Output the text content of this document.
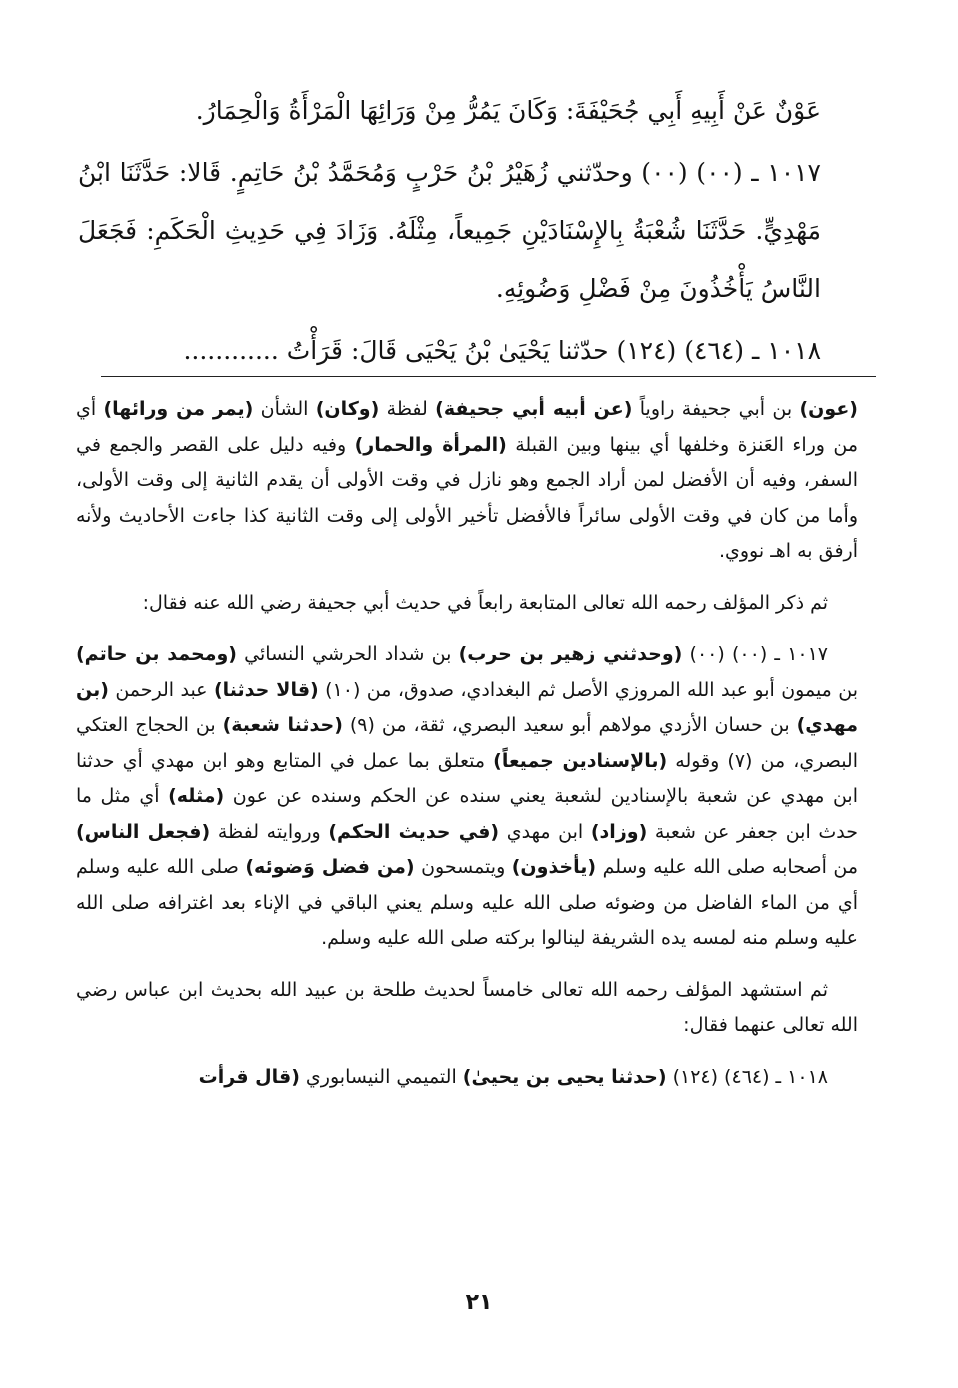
عَوْنٌ عَنْ أَبِيهِ أَبِي جُحَيْفَةَ: وَكَانَ يَمُرُّ مِنْ وَرَائِهَا الْمَرْأَةُ وَالْحِمَارُ.

١٠١٧ ـ (٠٠) (٠٠) وحدّثني زُهَيْرُ بْنُ حَرْبٍ وَمُحَمَّدُ بْنُ حَاتِمٍ. قَالا: حَدَّثَنَا ابْنُ مَهْدِيٍّ. حَدَّثَنَا شُعْبَةُ بِالإِسْنَادَيْنِ جَمِيعاً، مِثْلَهُ. وَزَادَ فِي حَدِيثِ الْحَكَمِ: فَجَعَلَ النَّاسُ يَأْخُذُونَ مِنْ فَضْلِ وَضُوئِهِ.

١٠١٨ ـ (٤٦٤) (١٢٤) حدّثنا يَحْيَىٰ بْنُ يَحْيَى قَالَ: قَرَأْتُ ............

(عون) بن أبي جحيفة راوياً (عن أبيه أبي جحيفة) لفظة (وكان) الشأن (يمر من ورائها) أي من وراء العَنزة وخلفها أي بينها وبين القبلة (المرأة والحمار) وفيه دليل على القصر والجمع في السفر، وفيه أن الأفضل لمن أراد الجمع وهو نازل في وقت الأولى أن يقدم الثانية إلى وقت الأولى، وأما من كان في وقت الأولى سائراً فالأفضل تأخير الأولى إلى وقت الثانية كذا جاءت الأحاديث ولأنه أرفق به اهـ نووي.

ثم ذكر المؤلف رحمه الله تعالى المتابعة رابعاً في حديث أبي جحيفة رضي الله عنه فقال:

١٠١٧ ـ (٠٠) (٠٠) (وحدثني زهير بن حرب) بن شداد الحرشي النسائي (ومحمد بن حاتم) بن ميمون أبو عبد الله المروزي الأصل ثم البغدادي، صدوق، من (١٠) (قالا حدثنا) عبد الرحمن (بن مهدي) بن حسان الأزدي مولاهم أبو سعيد البصري، ثقة، من (٩) (حدثنا شعبة) بن الحجاج العتكي البصري، من (٧) وقوله (بالإسنادين جميعاً) متعلق بما عمل في المتابع وهو ابن مهدي أي حدثنا ابن مهدي عن شعبة بالإسنادين لشعبة يعني سنده عن الحكم وسنده عن عون (مثله) أي مثل ما حدث ابن جعفر عن شعبة (وزاد) ابن مهدي (في حديث الحكم) وروايته لفظة (فجعل الناس) من أصحابه صلى الله عليه وسلم (يأخذون) ويتمسحون (من فضل وَضوئه) صلى الله عليه وسلم أي من الماء الفاضل من وضوئه صلى الله عليه وسلم يعني الباقي في الإناء بعد اغترافه صلى الله عليه وسلم منه لمسه يده الشريفة لينالوا بركته صلى الله عليه وسلم.

ثم استشهد المؤلف رحمه الله تعالى خامساً لحديث طلحة بن عبيد الله بحديث ابن عباس رضي الله تعالى عنهما فقال:

١٠١٨ ـ (٤٦٤) (١٢٤) (حدثنا يحيى بن يحيىٰ) التميمي النيسابوري (قال قرأت

٢١
